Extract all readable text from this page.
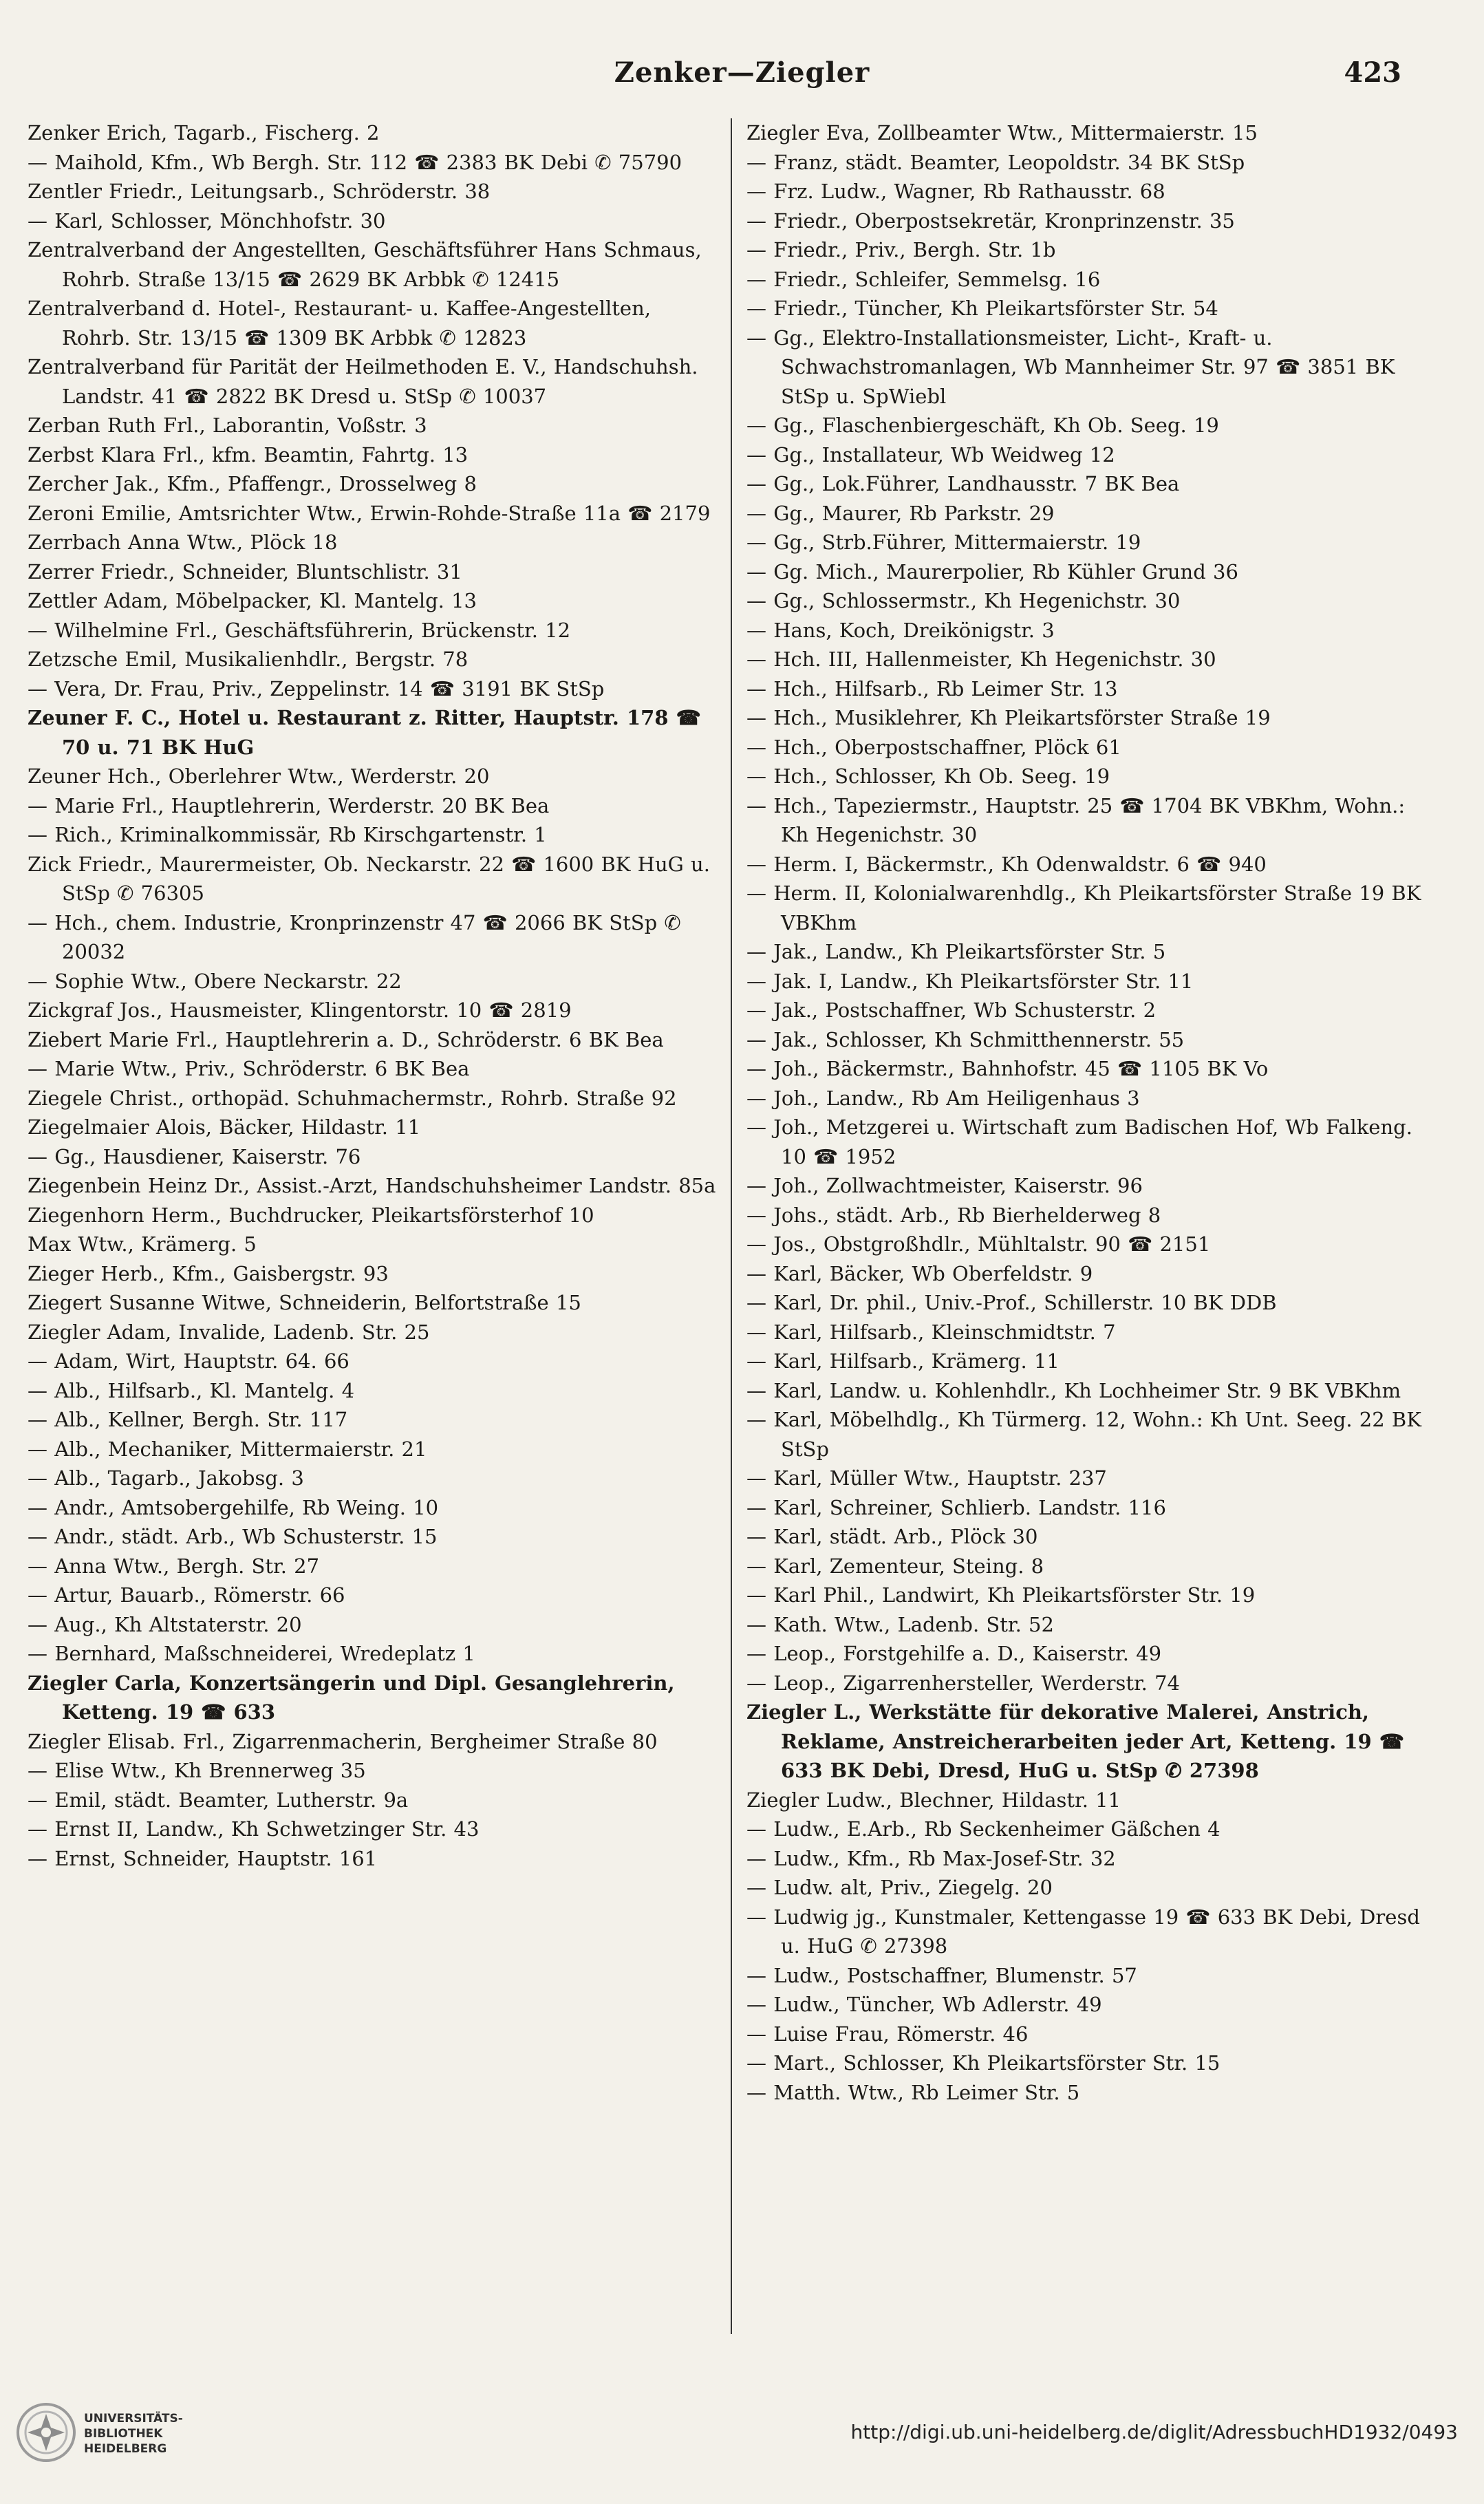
Zenker—Ziegler	423

Zenker Erich, Tagarb., Fischerg. 2

— Maihold, Kfm., Wb Bergh. Str. 112 ☎ 2383 BK Debi ✆ 75790

Zentler Friedr., Leitungsarb., Schröderstr. 38

— Karl, Schlosser, Mönchhofstr. 30

Zentralverband der Angestellten, Geschäftsführer Hans Schmaus, Rohrb. Straße 13/15 ☎ 2629 BK Arbbk ✆ 12415

Zentralverband d. Hotel-, Restaurant- u. Kaffee-Angestellten, Rohrb. Str. 13/15 ☎ 1309 BK Arbbk ✆ 12823

Zentralverband für Parität der Heilmethoden E. V., Handschuhsh. Landstr. 41 ☎ 2822 BK Dresd u. StSp ✆ 10037

Zerban Ruth Frl., Laborantin, Voßstr. 3

Zerbst Klara Frl., kfm. Beamtin, Fahrtg. 13

Zercher Jak., Kfm., Pfaffengr., Drosselweg 8

Zeroni Emilie, Amtsrichter Wtw., Erwin-Rohde-Straße 11a ☎ 2179

Zerrbach Anna Wtw., Plöck 18

Zerrer Friedr., Schneider, Bluntschlistr. 31

Zettler Adam, Möbelpacker, Kl. Mantelg. 13

— Wilhelmine Frl., Geschäftsführerin, Brückenstr. 12

Zetzsche Emil, Musikalienhdlr., Bergstr. 78

— Vera, Dr. Frau, Priv., Zeppelinstr. 14 ☎ 3191 BK StSp

Zeuner F. C., Hotel u. Restaurant z. Ritter, Hauptstr. 178 ☎ 70 u. 71 BK HuG

Zeuner Hch., Oberlehrer Wtw., Werderstr. 20

— Marie Frl., Hauptlehrerin, Werderstr. 20 BK Bea

— Rich., Kriminalkommissär, Rb Kirschgartenstr. 1

Zick Friedr., Maurermeister, Ob. Neckarstr. 22 ☎ 1600 BK HuG u. StSp ✆ 76305

— Hch., chem. Industrie, Kronprinzenstr 47 ☎ 2066 BK StSp ✆ 20032

— Sophie Wtw., Obere Neckarstr. 22

Zickgraf Jos., Hausmeister, Klingentorstr. 10 ☎ 2819

Ziebert Marie Frl., Hauptlehrerin a. D., Schröderstr. 6 BK Bea

— Marie Wtw., Priv., Schröderstr. 6 BK Bea

Ziegele Christ., orthopäd. Schuhmachermstr., Rohrb. Straße 92

Ziegelmaier Alois, Bäcker, Hildastr. 11

— Gg., Hausdiener, Kaiserstr. 76

Ziegenbein Heinz Dr., Assist.-Arzt, Handschuhsheimer Landstr. 85a

Ziegenhorn Herm., Buchdrucker, Pleikartsförsterhof 10

Max Wtw., Krämerg. 5

Zieger Herb., Kfm., Gaisbergstr. 93

Ziegert Susanne Witwe, Schneiderin, Belfortstraße 15

Ziegler Adam, Invalide, Ladenb. Str. 25

— Adam, Wirt, Hauptstr. 64. 66

— Alb., Hilfsarb., Kl. Mantelg. 4

— Alb., Kellner, Bergh. Str. 117

— Alb., Mechaniker, Mittermaierstr. 21

— Alb., Tagarb., Jakobsg. 3

— Andr., Amtsobergehilfe, Rb Weing. 10

— Andr., städt. Arb., Wb Schusterstr. 15

— Anna Wtw., Bergh. Str. 27

— Artur, Bauarb., Römerstr. 66

— Aug., Kh Altstaterstr. 20

— Bernhard, Maßschneiderei, Wredeplatz 1

Ziegler Carla, Konzertsängerin und Dipl. Gesanglehrerin, Ketteng. 19 ☎ 633

Ziegler Elisab. Frl., Zigarrenmacherin, Bergheimer Straße 80

— Elise Wtw., Kh Brennerweg 35

— Emil, städt. Beamter, Lutherstr. 9a

— Ernst II, Landw., Kh Schwetzinger Str. 43

— Ernst, Schneider, Hauptstr. 161

Ziegler Eva, Zollbeamter Wtw., Mittermaierstr. 15

— Franz, städt. Beamter, Leopoldstr. 34 BK StSp

— Frz. Ludw., Wagner, Rb Rathausstr. 68

— Friedr., Oberpostsekretär, Kronprinzenstr. 35

— Friedr., Priv., Bergh. Str. 1b

— Friedr., Schleifer, Semmelsg. 16

— Friedr., Tüncher, Kh Pleikartsförster Str. 54

— Gg., Elektro-Installationsmeister, Licht-, Kraft- u. Schwachstromanlagen, Wb Mannheimer Str. 97 ☎ 3851 BK StSp u. SpWiebl

— Gg., Flaschenbiergeschäft, Kh Ob. Seeg. 19

— Gg., Installateur, Wb Weidweg 12

— Gg., Lok.Führer, Landhausstr. 7 BK Bea

— Gg., Maurer, Rb Parkstr. 29

— Gg., Strb.Führer, Mittermaierstr. 19

— Gg. Mich., Maurerpolier, Rb Kühler Grund 36

— Gg., Schlossermstr., Kh Hegenichstr. 30

— Hans, Koch, Dreikönigstr. 3

— Hch. III, Hallenmeister, Kh Hegenichstr. 30

— Hch., Hilfsarb., Rb Leimer Str. 13

— Hch., Musiklehrer, Kh Pleikartsförster Straße 19

— Hch., Oberpostschaffner, Plöck 61

— Hch., Schlosser, Kh Ob. Seeg. 19

— Hch., Tapeziermstr., Hauptstr. 25 ☎ 1704 BK VBKhm, Wohn.: Kh Hegenichstr. 30

— Herm. I, Bäckermstr., Kh Odenwaldstr. 6 ☎ 940

— Herm. II, Kolonialwarenhdlg., Kh Pleikartsförster Straße 19 BK VBKhm

— Jak., Landw., Kh Pleikartsförster Str. 5

— Jak. I, Landw., Kh Pleikartsförster Str. 11

— Jak., Postschaffner, Wb Schusterstr. 2

— Jak., Schlosser, Kh Schmitthennerstr. 55

— Joh., Bäckermstr., Bahnhofstr. 45 ☎ 1105 BK Vo

— Joh., Landw., Rb Am Heiligenhaus 3

— Joh., Metzgerei u. Wirtschaft zum Badischen Hof, Wb Falkeng. 10 ☎ 1952

— Joh., Zollwachtmeister, Kaiserstr. 96

— Johs., städt. Arb., Rb Bierhelderweg 8

— Jos., Obstgroßhdlr., Mühltalstr. 90 ☎ 2151

— Karl, Bäcker, Wb Oberfeldstr. 9

— Karl, Dr. phil., Univ.-Prof., Schillerstr. 10 BK DDB

— Karl, Hilfsarb., Kleinschmidtstr. 7

— Karl, Hilfsarb., Krämerg. 11

— Karl, Landw. u. Kohlenhdlr., Kh Lochheimer Str. 9 BK VBKhm

— Karl, Möbelhdlg., Kh Türmerg. 12, Wohn.: Kh Unt. Seeg. 22 BK StSp

— Karl, Müller Wtw., Hauptstr. 237

— Karl, Schreiner, Schlierb. Landstr. 116

— Karl, städt. Arb., Plöck 30

— Karl, Zementeur, Steing. 8

— Karl Phil., Landwirt, Kh Pleikartsförster Str. 19

— Kath. Wtw., Ladenb. Str. 52

— Leop., Forstgehilfe a. D., Kaiserstr. 49

— Leop., Zigarrenhersteller, Werderstr. 74

Ziegler L., Werkstätte für dekorative Malerei, Anstrich, Reklame, Anstreicherarbeiten jeder Art, Ketteng. 19 ☎ 633 BK Debi, Dresd, HuG u. StSp ✆ 27398

Ziegler Ludw., Blechner, Hildastr. 11

— Ludw., E.Arb., Rb Seckenheimer Gäßchen 4

— Ludw., Kfm., Rb Max-Josef-Str. 32

— Ludw. alt, Priv., Ziegelg. 20

— Ludwig jg., Kunstmaler, Kettengasse 19 ☎ 633 BK Debi, Dresd u. HuG ✆ 27398

— Ludw., Postschaffner, Blumenstr. 57

— Ludw., Tüncher, Wb Adlerstr. 49

— Luise Frau, Römerstr. 46

— Mart., Schlosser, Kh Pleikartsförster Str. 15

— Matth. Wtw., Rb Leimer Str. 5

UNIVERSITÄTS-
BIBLIOTHEK
HEIDELBERG
http://digi.ub.uni-heidelberg.de/diglit/AdressbuchHD1932/0493
